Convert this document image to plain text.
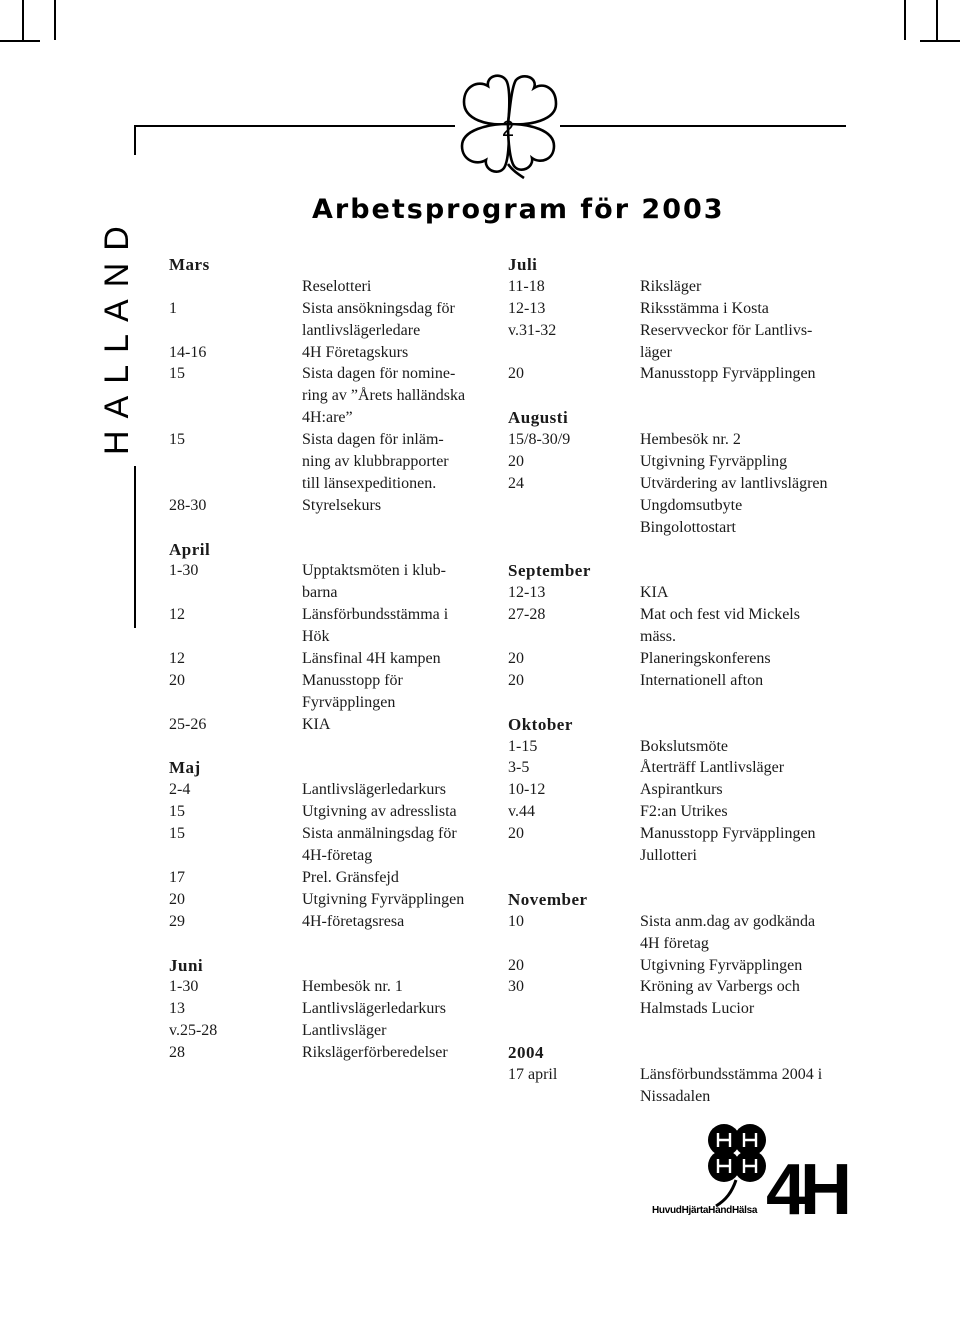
2
HALLAND
Arbetsprogram för 2003
Mars
Reselotteri
1	Sista ansökningsdag för
lantlivslägerledare
14-16	4H Företagskurs
15	Sista dagen för nomine-
ring av ”Årets halländska
4H:are”
15	Sista dagen för inläm-
ning av klubbrapporter
till länsexpeditionen.
28-30	Styrelsekurs
April
1-30	Upptaktsmöten i klub-
barna
12	Länsförbundsstämma i
Hök
12	Länsfinal 4H kampen
20	Manusstopp för
Fyrväpplingen
25-26	KIA
Maj
2-4	Lantlivslägerledarkurs
15	Utgivning av adresslista
15	Sista anmälningsdag för
4H-företag
17	Prel. Gränsfejd
20	Utgivning Fyrväpplingen
29	4H-företagsresa
Juni
1-30	Hembesök nr. 1
13	Lantlivslägerledarkurs
v.25-28	Lantlivsläger
28	Rikslägerförberedelser
Juli
11-18	Riksläger
12-13	Riksstämma i Kosta
v.31-32	Reservveckor för Lantlivs-
läger
20	Manusstopp Fyrväpplingen
Augusti
15/8-30/9	Hembesök nr. 2
20	Utgivning Fyrväppling
24	Utvärdering av lantlivslägren
Ungdomsutbyte
Bingolottostart
September
12-13	KIA
27-28	Mat och fest vid Mickels
mäss.
20	Planeringskonferens
20	Internationell afton
Oktober
1-15	Bokslutsmöte
3-5	Återträff Lantlivsläger
10-12	Aspirantkurs
v.44	F2:an Utrikes
20	Manusstopp Fyrväpplingen
Jullotteri
November
10	Sista anm.dag av godkända
4H företag
20	Utgivning Fyrväpplingen
30	Kröning av Varbergs och
Halmstads Lucior
2004
17 april	Länsförbundsstämma 2004 i
Nissadalen
4H
HuvudHjärtaHandHälsa
